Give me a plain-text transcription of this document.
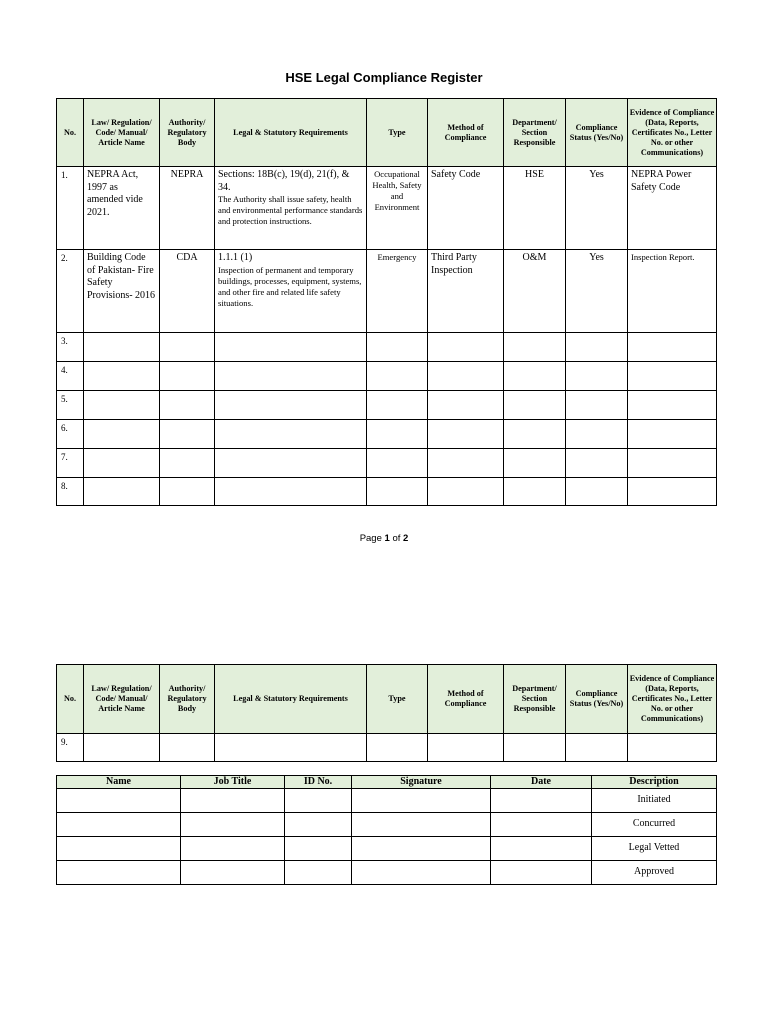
HSE Legal Compliance Register
No.	Law/ Regulation/ Code/ Manual/ Article Name	Authority/ Regulatory Body	Legal & Statutory Requirements	Type	Method of Compliance	Department/ Section Responsible	Compliance Status (Yes/No)	Evidence of Compliance
(Data, Reports, Certificates No., Letter No. or other Communications)

1.	NEPRA Act, 1997 as amended vide 2021.	NEPRA	Sections: 18B(c), 19(d), 21(f), & 34.
The Authority shall issue safety, health and environmental performance standards and protection instructions.	Occupational Health, Safety and Environment	Safety Code	HSE	Yes	NEPRA Power Safety Code
2.	Building Code of Pakistan- Fire Safety Provisions- 2016	CDA	1.1.1 (1)
Inspection of permanent and temporary buildings, processes, equipment, systems, and other fire and related life safety situations.	Emergency	Third Party Inspection	O&M	Yes	Inspection Report.
3.								
4.								
5.								
6.								
7.								
8.								
Page 1 of 2
No.	Law/ Regulation/ Code/ Manual/ Article Name	Authority/ Regulatory Body	Legal & Statutory Requirements	Type	Method of Compliance	Department/ Section Responsible	Compliance Status (Yes/No)	Evidence of Compliance
(Data, Reports, Certificates No., Letter No. or other Communications)

9.								
Name	Job Title	ID No.	Signature	Date	Description
					Initiated
					Concurred
					Legal Vetted
					Approved
